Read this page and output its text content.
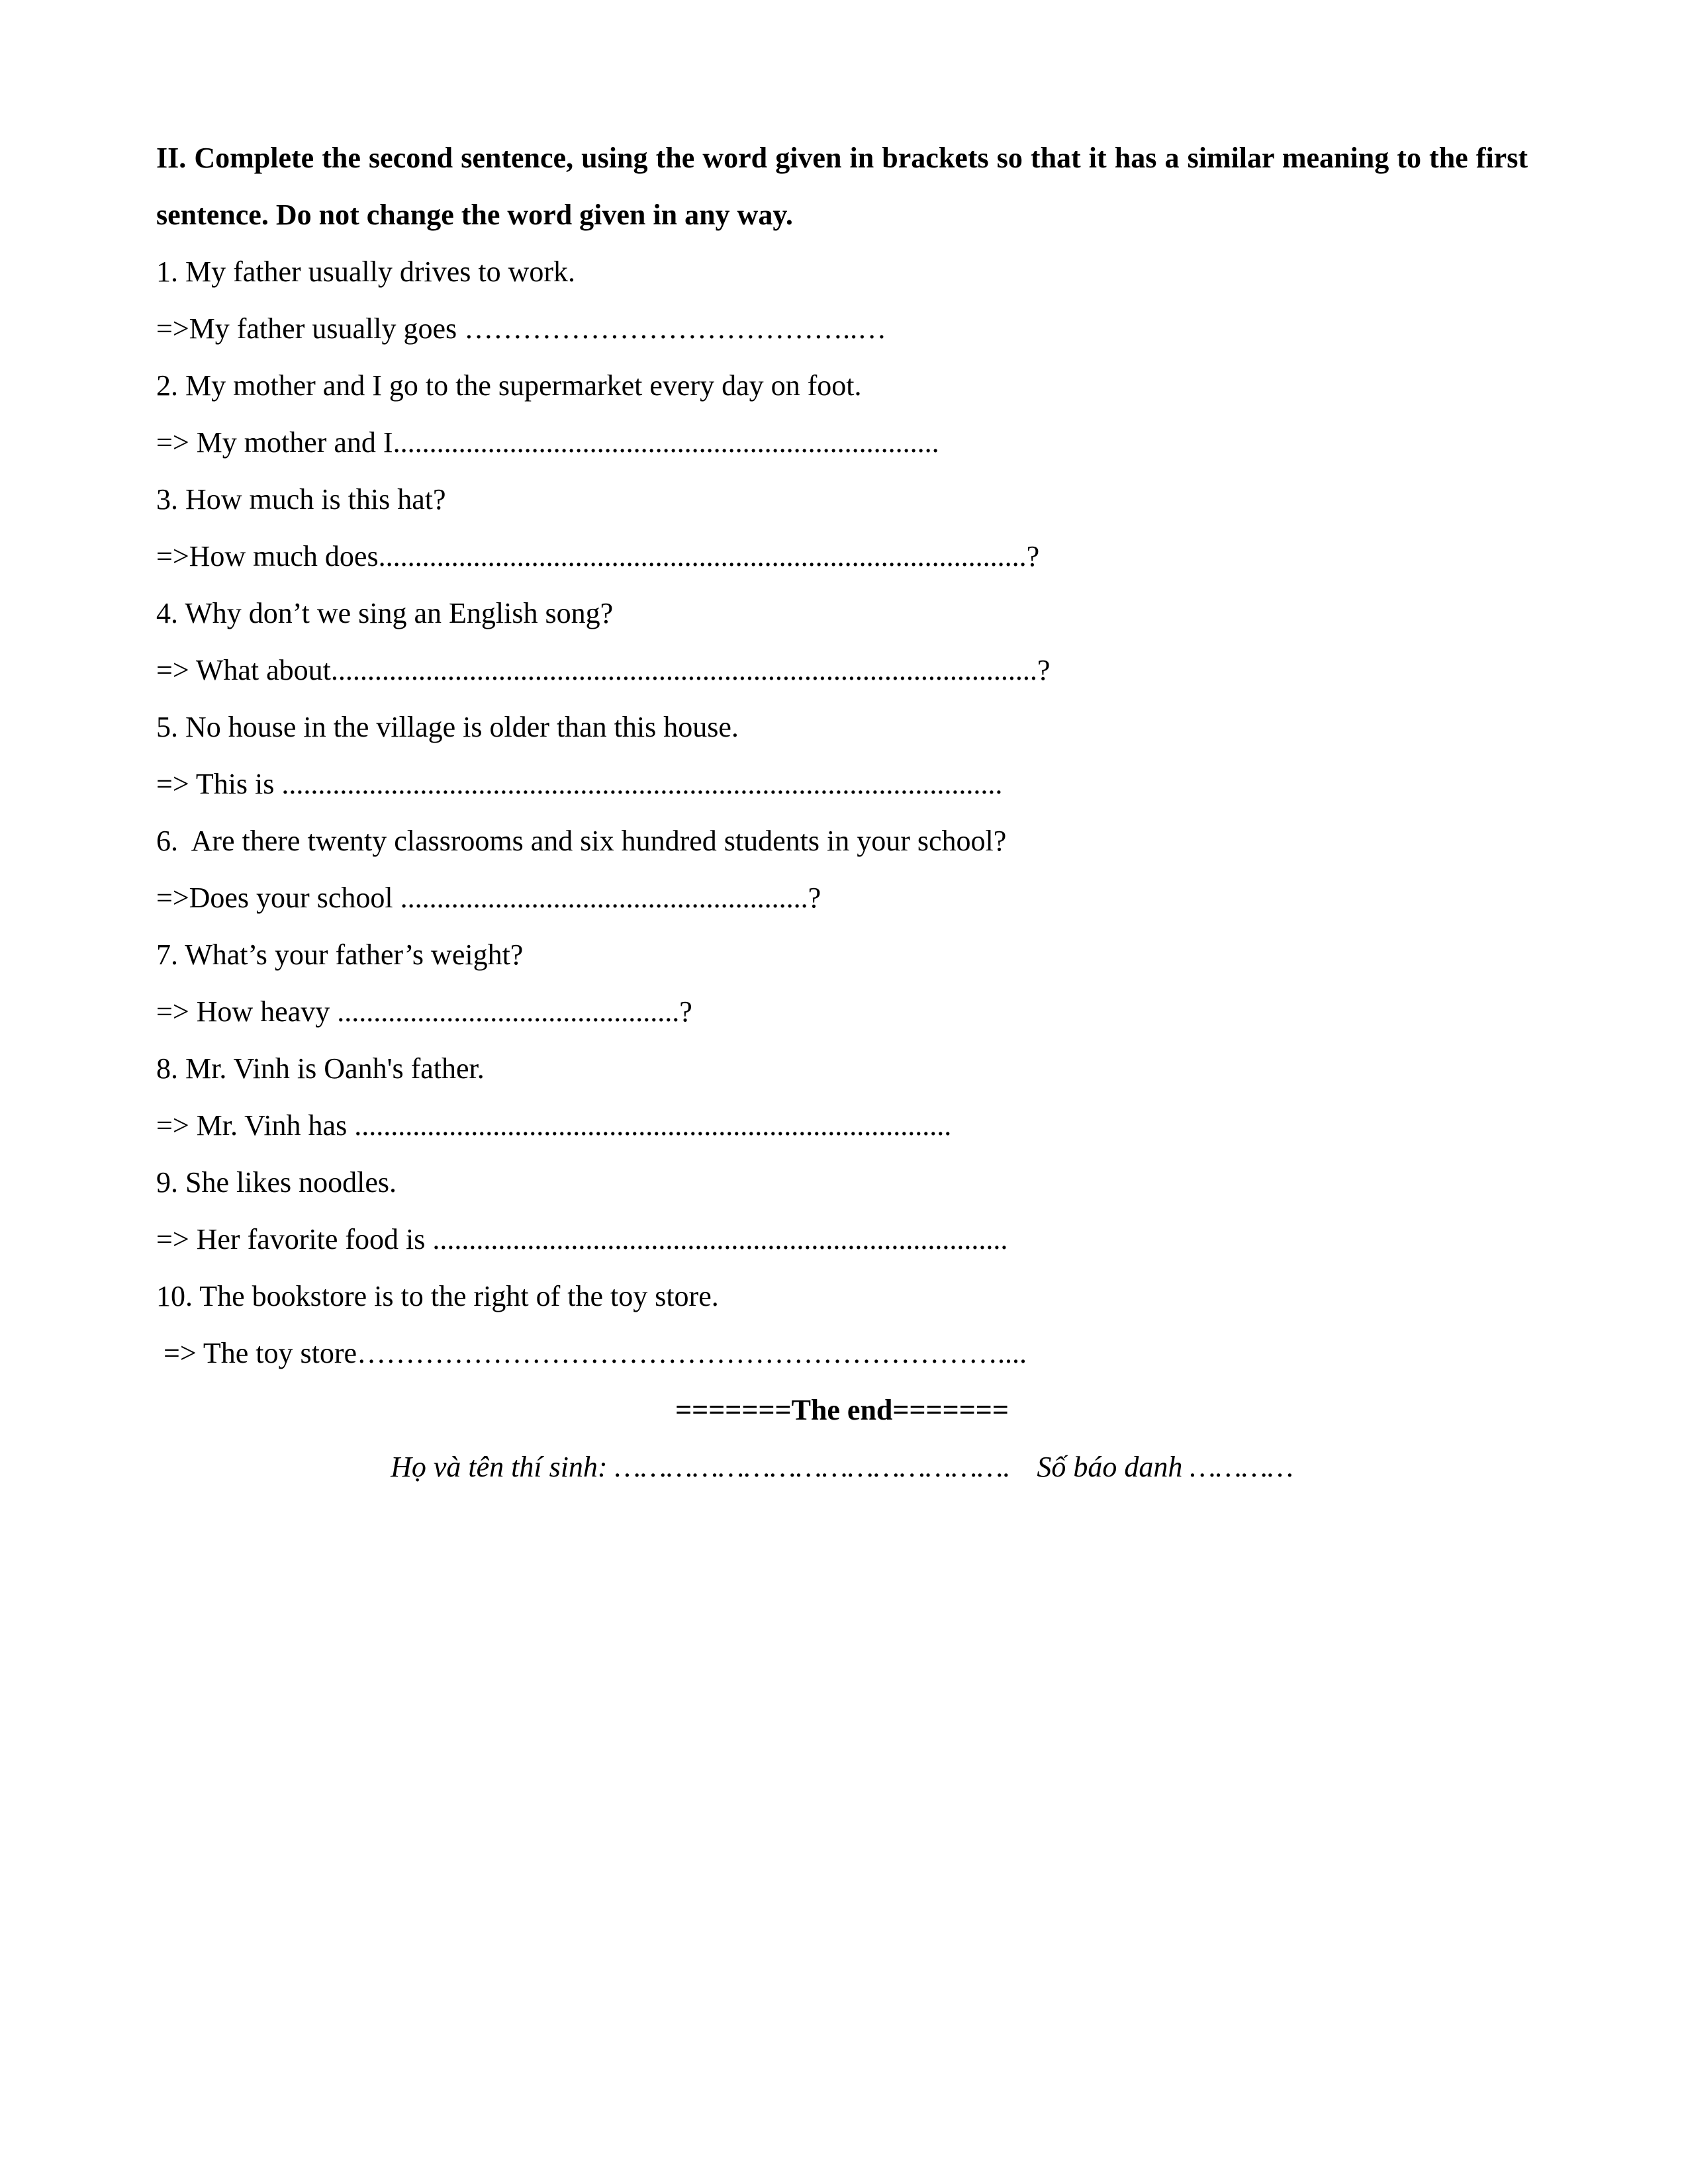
II. Complete the second sentence, using the word given in brackets so that it has a similar meaning to the first sentence. Do not change the word given in any way.

1. My father usually drives to work.

=>My father usually goes …………………………………..…

2. My mother and I go to the supermarket every day on foot.

=> My mother and I...........................................................................

3. How much is this hat?

=>How much does.........................................................................................?

4. Why don’t we sing an English song?

=> What about.................................................................................................?

5. No house in the village is older than this house.

=> This is ...................................................................................................

6.  Are there twenty classrooms and six hundred students in your school?

=>Does your school ........................................................?

7. What’s your father’s weight?

=> How heavy ...............................................?

8. Mr. Vinh is Oanh's father.

=> Mr. Vinh has ..................................................................................

9. She likes noodles.

=> Her favorite food is ...............................................................................

10. The bookstore is to the right of the toy store.

=> The toy store…………………………………………………………....

=======The end=======

Họ và tên thí sinh: ………………………………………. Số báo danh …………
